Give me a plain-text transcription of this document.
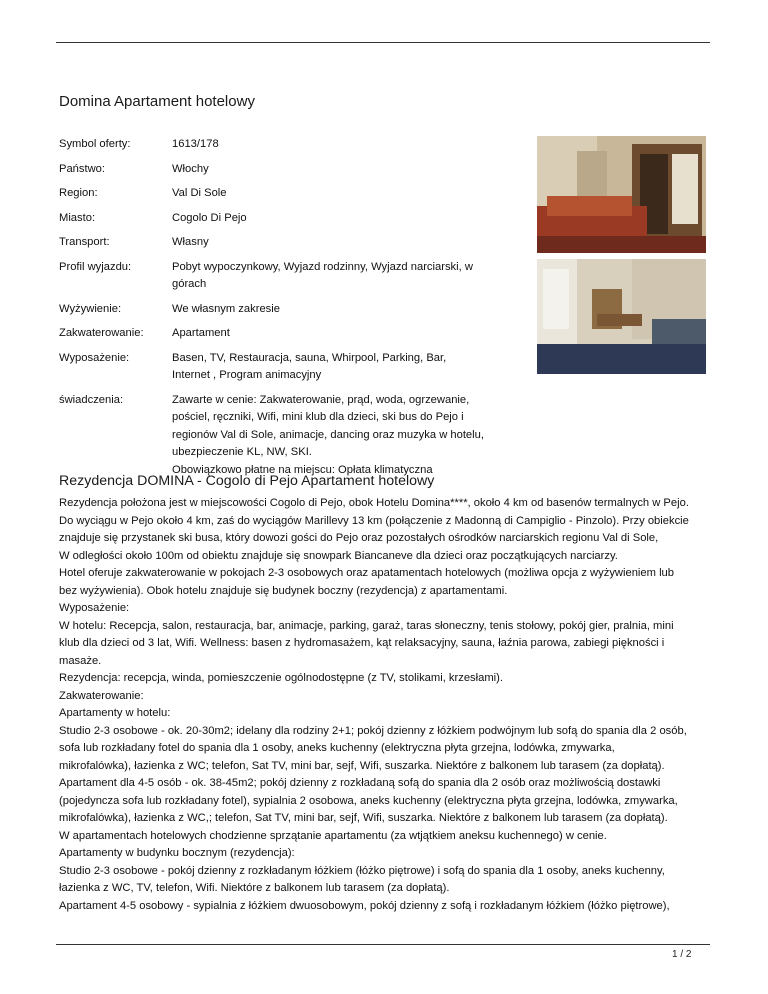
Domina Apartament hotelowy
Symbol oferty:	1613/178
Państwo:	Włochy
Region:	Val Di Sole
Miasto:	Cogolo Di Pejo
Transport:	Własny
Profil wyjazdu:	Pobyt wypoczynkowy, Wyjazd rodzinny, Wyjazd narciarski, w
górach
Wyżywienie:	We własnym zakresie
Zakwaterowanie:	Apartament
Wyposażenie:	Basen, TV, Restauracja, sauna, Whirpool, Parking, Bar,
Internet , Program animacyjny
świadczenia:	Zawarte w cenie: Zakwaterowanie, prąd, woda, ogrzewanie,
pościel, ręczniki, Wifi, mini klub dla dzieci, ski bus do Pejo i
regionów Val di Sole, animacje, dancing oraz muzyka w hotelu,
ubezpieczenie KL, NW, SKI.
Obowiązkowo płatne na miejscu: Opłata klimatyczna
Rezydencja DOMINA - Cogolo di Pejo Apartament hotelowy
Rezydencja położona jest w miejscowości Cogolo di Pejo, obok Hotelu Domina****, około 4 km od basenów termalnych w Pejo.
Do wyciągu w Pejo około 4 km, zaś do wyciągów Marillevy 13 km (połączenie z Madonną di Campiglio - Pinzolo). Przy obiekcie
znajduje się przystanek ski busa, który dowozi gości do Pejo oraz pozostałych ośrodków narciarskich regionu Val di Sole,
W odległości około 100m od obiektu znajduje się snowpark Biancaneve dla dzieci oraz początkujących narciarzy.
Hotel oferuje zakwaterowanie w pokojach 2-3 osobowych oraz apatamentach hotelowych (możliwa opcja z wyżywieniem lub
bez wyżywienia). Obok hotelu znajduje się budynek boczny (rezydencja) z apartamentami.
Wyposażenie:
W hotelu: Recepcja, salon, restauracja, bar, animacje, parking, garaż, taras słoneczny, tenis stołowy, pokój gier, pralnia, mini
klub dla dzieci od 3 lat, Wifi. Wellness: basen z hydromasażem, kąt relaksacyjny, sauna, łaźnia parowa, zabiegi piękności i
masaże.
Rezydencja: recepcja, winda, pomieszczenie ogólnodostępne (z TV, stolikami, krzesłami).
Zakwaterowanie:
Apartamenty w hotelu:
Studio 2-3 osobowe - ok. 20-30m2; idelany dla rodziny 2+1; pokój dzienny z łóżkiem podwójnym lub sofą do spania dla 2 osób,
sofa lub rozkładany fotel do spania dla 1 osoby, aneks kuchenny (elektryczna płyta grzejna, lodówka, zmywarka,
mikrofalówka), łazienka z WC; telefon, Sat TV, mini bar, sejf, Wifi, suszarka. Niektóre z balkonem lub tarasem (za dopłatą).
Apartament dla 4-5 osób - ok. 38-45m2; pokój dzienny z rozkładaną sofą do spania dla 2 osób oraz możliwością dostawki
(pojedyncza sofa lub rozkładany fotel), sypialnia 2 osobowa, aneks kuchenny (elektryczna płyta grzejna, lodówka, zmywarka,
mikrofalówka), łazienka z WC,; telefon, Sat TV, mini bar, sejf, Wifi, suszarka. Niektóre z balkonem lub tarasem (za dopłatą).
W apartamentach hotelowych chodzienne sprzątanie apartamentu (za wtjątkiem aneksu kuchennego) w cenie.
Apartamenty w budynku bocznym (rezydencja):
Studio 2-3 osobowe - pokój dzienny z rozkładanym łóżkiem (łóżko piętrowe) i sofą do spania dla 1 osoby, aneks kuchenny,
łazienka z WC, TV, telefon, Wifi. Niektóre z balkonem lub tarasem (za dopłatą).
Apartament 4-5 osobowy - sypialnia z łóżkiem dwuosobowym, pokój dzienny z sofą i rozkładanym łóżkiem (łóżko piętrowe),
1 / 2
